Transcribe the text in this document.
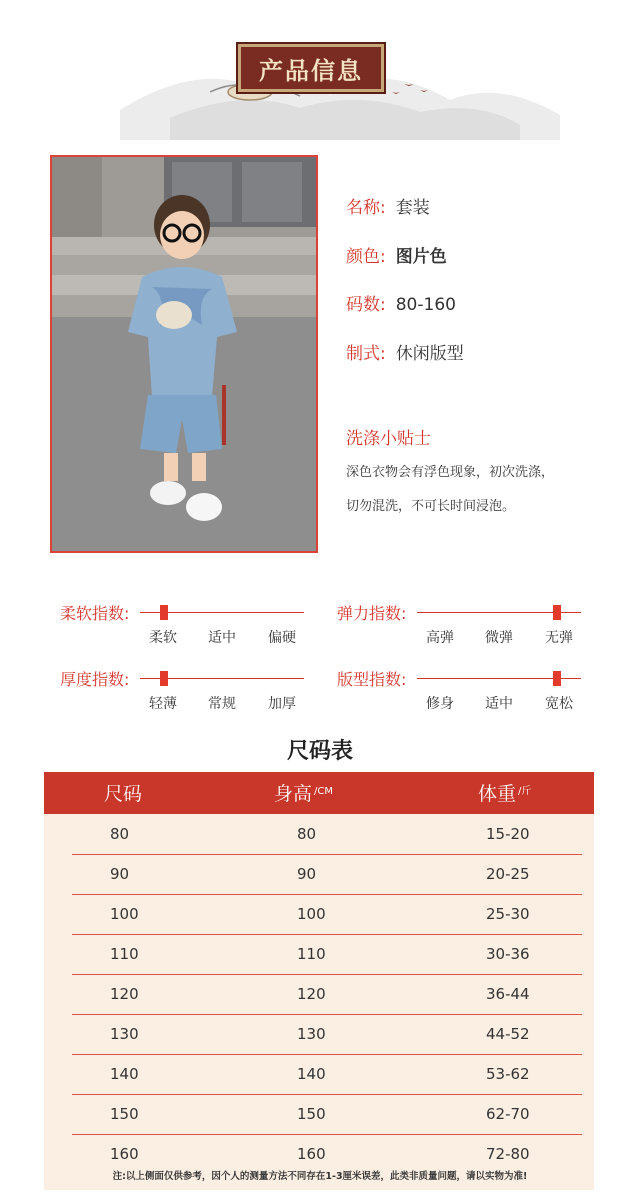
产品信息
名称: 套装
颜色: 图片色
码数: 80-160
制式: 休闲版型
洗涤小贴士
深色衣物会有浮色现象，初次洗涤，
切勿混洗，不可长时间浸泡。
柔软指数:
柔软	适中	偏硬
弹力指数:
高弹	微弹	无弹
厚度指数:
轻薄	常规	加厚
版型指数:
修身	适中	宽松
尺码表
尺码	身高 $^{/CM}$	体重 $^{/斤}$
80	80	15-20
90	90	20-25
100	100	25-30
110	110	30-36
120	120	36-44
130	130	44-52
140	140	53-62
150	150	62-70
160	160	72-80
注:以上侧面仅供参考，因个人的测量方法不同存在1-3厘米误差，此类非质量问题，请以实物为准!
